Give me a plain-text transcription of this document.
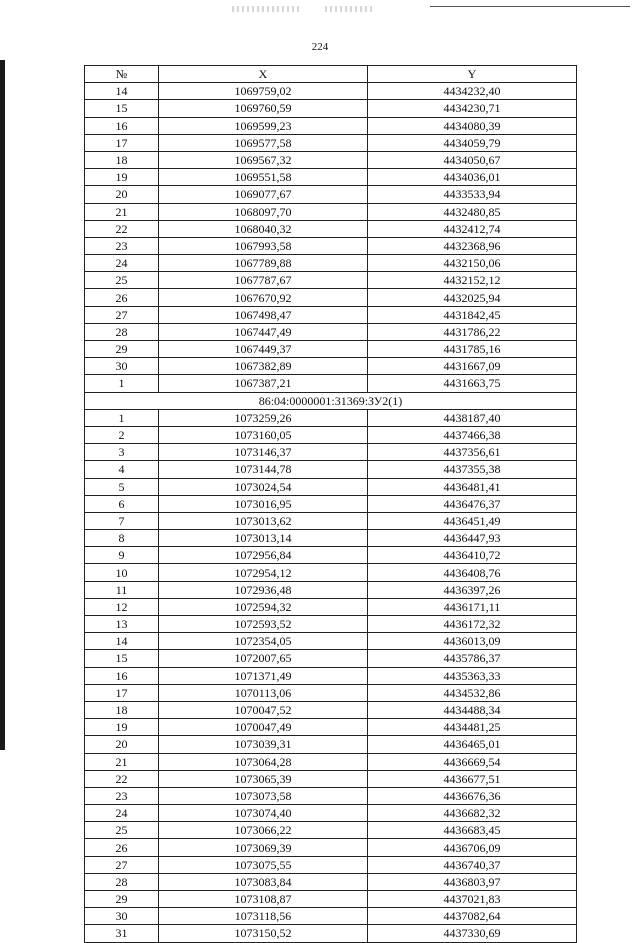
224
№	X	Y
14	1069759,02	4434232,40
15	1069760,59	4434230,71
16	1069599,23	4434080,39
17	1069577,58	4434059,79
18	1069567,32	4434050,67
19	1069551,58	4434036,01
20	1069077,67	4433533,94
21	1068097,70	4432480,85
22	1068040,32	4432412,74
23	1067993,58	4432368,96
24	1067789,88	4432150,06
25	1067787,67	4432152,12
26	1067670,92	4432025,94
27	1067498,47	4431842,45
28	1067447,49	4431786,22
29	1067449,37	4431785,16
30	1067382,89	4431667,09
1	1067387,21	4431663,75
86:04:0000001:31369:ЗУ2(1)		
1	1073259,26	4438187,40
2	1073160,05	4437466,38
3	1073146,37	4437356,61
4	1073144,78	4437355,38
5	1073024,54	4436481,41
6	1073016,95	4436476,37
7	1073013,62	4436451,49
8	1073013,14	4436447,93
9	1072956,84	4436410,72
10	1072954,12	4436408,76
11	1072936,48	4436397,26
12	1072594,32	4436171,11
13	1072593,52	4436172,32
14	1072354,05	4436013,09
15	1072007,65	4435786,37
16	1071371,49	4435363,33
17	1070113,06	4434532,86
18	1070047,52	4434488,34
19	1070047,49	4434481,25
20	1073039,31	4436465,01
21	1073064,28	4436669,54
22	1073065,39	4436677,51
23	1073073,58	4436676,36
24	1073074,40	4436682,32
25	1073066,22	4436683,45
26	1073069,39	4436706,09
27	1073075,55	4436740,37
28	1073083,84	4436803,97
29	1073108,87	4437021,83
30	1073118,56	4437082,64
31	1073150,52	4437330,69
